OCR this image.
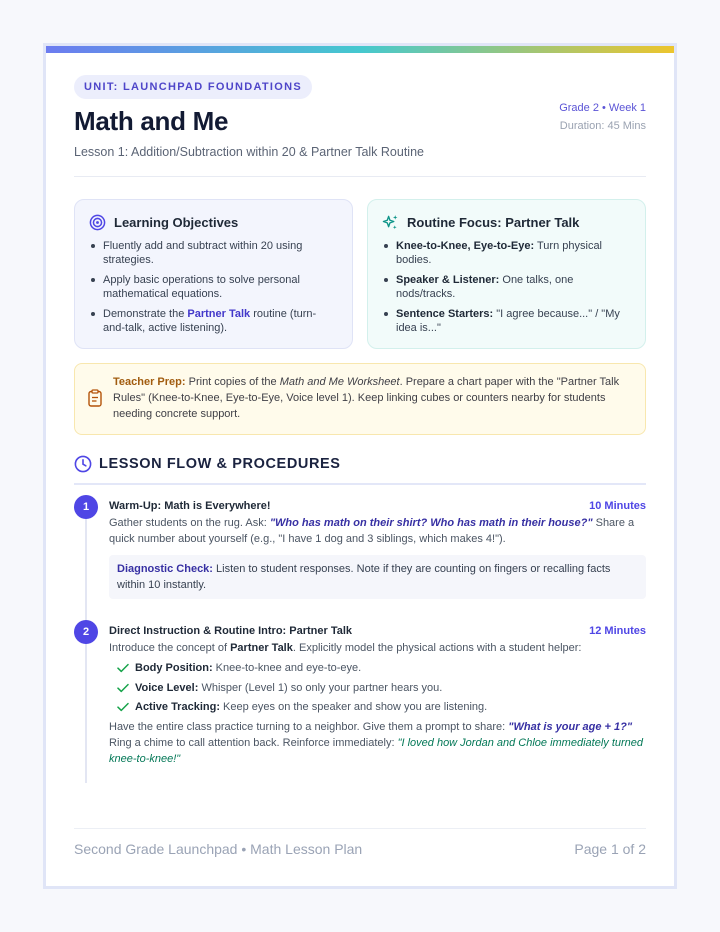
UNIT: LAUNCHPAD FOUNDATIONS
Math and Me
Lesson 1: Addition/Subtraction within 20 & Partner Talk Routine
Grade 2 • Week 1
Duration: 45 Mins
Learning Objectives
Fluently add and subtract within 20 using strategies.
Apply basic operations to solve personal mathematical equations.
Demonstrate the Partner Talk routine (turn-and-talk, active listening).
Routine Focus: Partner Talk
Knee-to-Knee, Eye-to-Eye: Turn physical bodies.
Speaker & Listener: One talks, one nods/tracks.
Sentence Starters: "I agree because..." / "My idea is..."

Teacher Prep: Print copies of the Math and Me Worksheet. Prepare a chart paper with the "Partner Talk Rules" (Knee-to-Knee, Eye-to-Eye, Voice level 1). Keep linking cubes or counters nearby for students needing concrete support.

LESSON FLOW & PROCEDURES
1	Warm-Up: Math is Everywhere!	10 Minutes

Gather students on the rug. Ask: "Who has math on their shirt? Who has math in their house?" Share a quick number about yourself (e.g., "I have 1 dog and 3 siblings, which makes 4!").

Diagnostic Check: Listen to student responses. Note if they are counting on fingers or recalling facts within 10 instantly.

2	Direct Instruction & Routine Intro: Partner Talk	12 Minutes

Introduce the concept of Partner Talk. Explicitly model the physical actions with a student helper:

Body Position: Knee-to-knee and eye-to-eye.
Voice Level: Whisper (Level 1) so only your partner hears you.
Active Tracking: Keep eyes on the speaker and show you are listening.

Have the entire class practice turning to a neighbor. Give them a prompt to share: "What is your age + 1?" Ring a chime to call attention back. Reinforce immediately: "I loved how Jordan and Chloe immediately turned knee-to-knee!"

Second Grade Launchpad • Math Lesson Plan	Page 1 of 2
